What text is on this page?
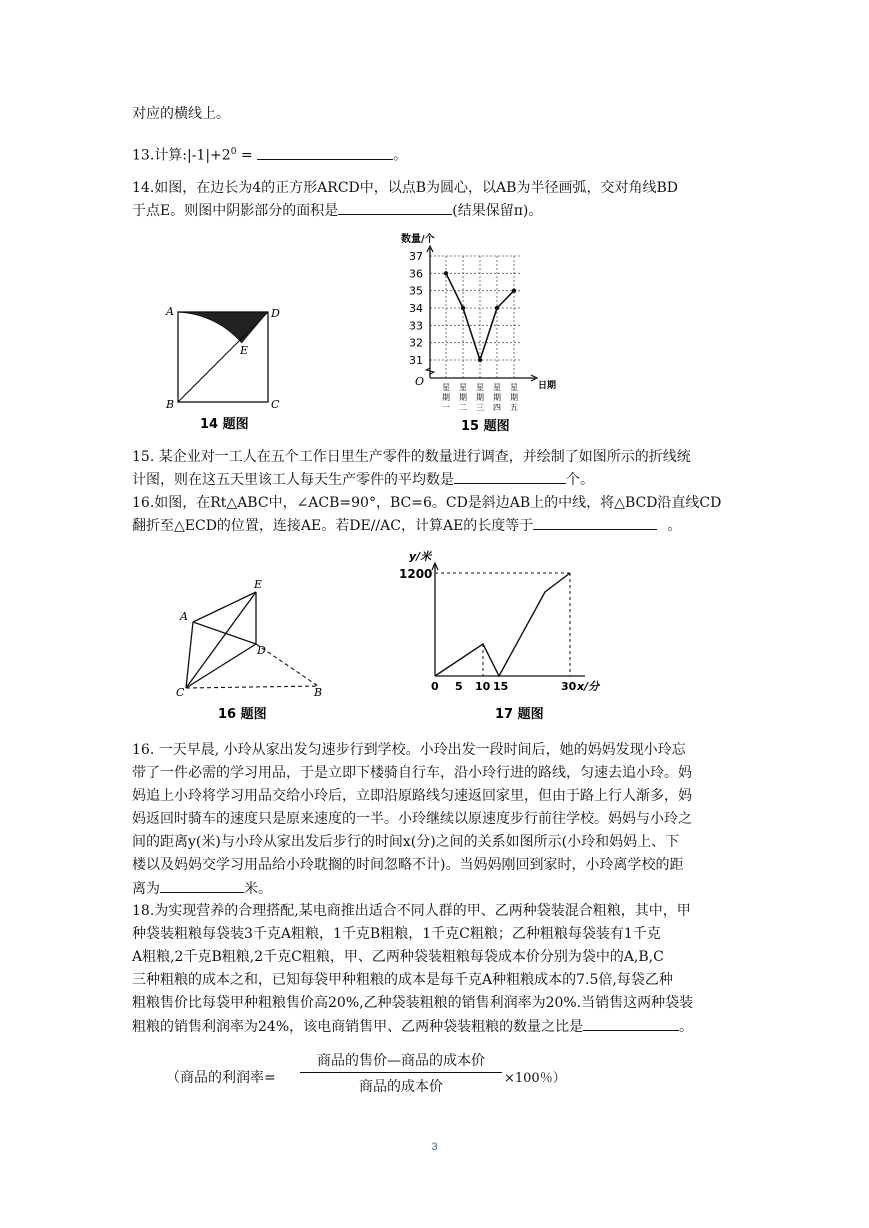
对应的横线上。
13.计算$:|-1|+2^0$ =	。
14.如图，在边长为4的正方形ARCD中，以点B为圆心，以AB为半径画弧，交对角线BD
于点E。则图中阴影部分的面积是	(结果保留π)。
A	D
E
B	C
14 题图
数量/个
O	日期
37
36
35
34
33
32
31
星
期
一
星
期
二
星
期
三
星
期
四
星
期
五
15 题图
15. 某企业对一工人在五个工作日里生产零件的数量进行调查，并绘制了如图所示的折线统
计图，则在这五天里该工人每天生产零件的平均数是	个。
16.如图，在Rt△ABC中，∠ACB=90°，BC=6。CD是斜边AB上的中线，将△BCD沿直线CD
翻折至△ECD的位置，连接AE。若DE//AC，计算AE的长度等于	。
A
E
D
C	B
16 题图
y/米
1200
0 5 10 15	30 x/分
17 题图
16. 一天早晨, 小玲从家出发匀速步行到学校。小玲出发一段时间后，她的妈妈发现小玲忘
带了一件必需的学习用品，于是立即下楼骑自行车，沿小玲行进的路线，匀速去追小玲。妈
妈追上小玲将学习用品交给小玲后，立即沿原路线匀速返回家里，但由于路上行人渐多，妈
妈返回时骑车的速度只是原来速度的一半。小玲继续以原速度步行前往学校。妈妈与小玲之
间的距离y(米)与小玲从家出发后步行的时间x(分)之间的关系如图所示(小玲和妈妈上、下
楼以及妈妈交学习用品给小玲耽搁的时间忽略不计)。当妈妈刚回到家时，小玲离学校的距
离为	米。
18.为实现营养的合理搭配,某电商推出适合不同人群的甲、乙两种袋装混合粗粮，其中，甲
种袋装粗粮每袋装3千克A粗粮，1千克B粗粮，1千克C粗粮；乙种粗粮每袋装有1千克
A粗粮,2千克B粗粮,2千克C粗粮，甲、乙两种袋装粗粮每袋成本价分别为袋中的A,B,C
三种粗粮的成本之和，已知每袋甲种粗粮的成本是每千克A种粗粮成本的7.5倍,每袋乙种
粗粮售价比每袋甲种粗粮售价高20%,乙种袋装粗粮的销售利润率为20%.当销售这两种袋装
粗粮的销售利润率为24%，该电商销售甲、乙两种袋装粗粮的数量之比是	。
（商品的利润率=
商品的售价—商品的成本价
商品的成本价
×100％）
3
